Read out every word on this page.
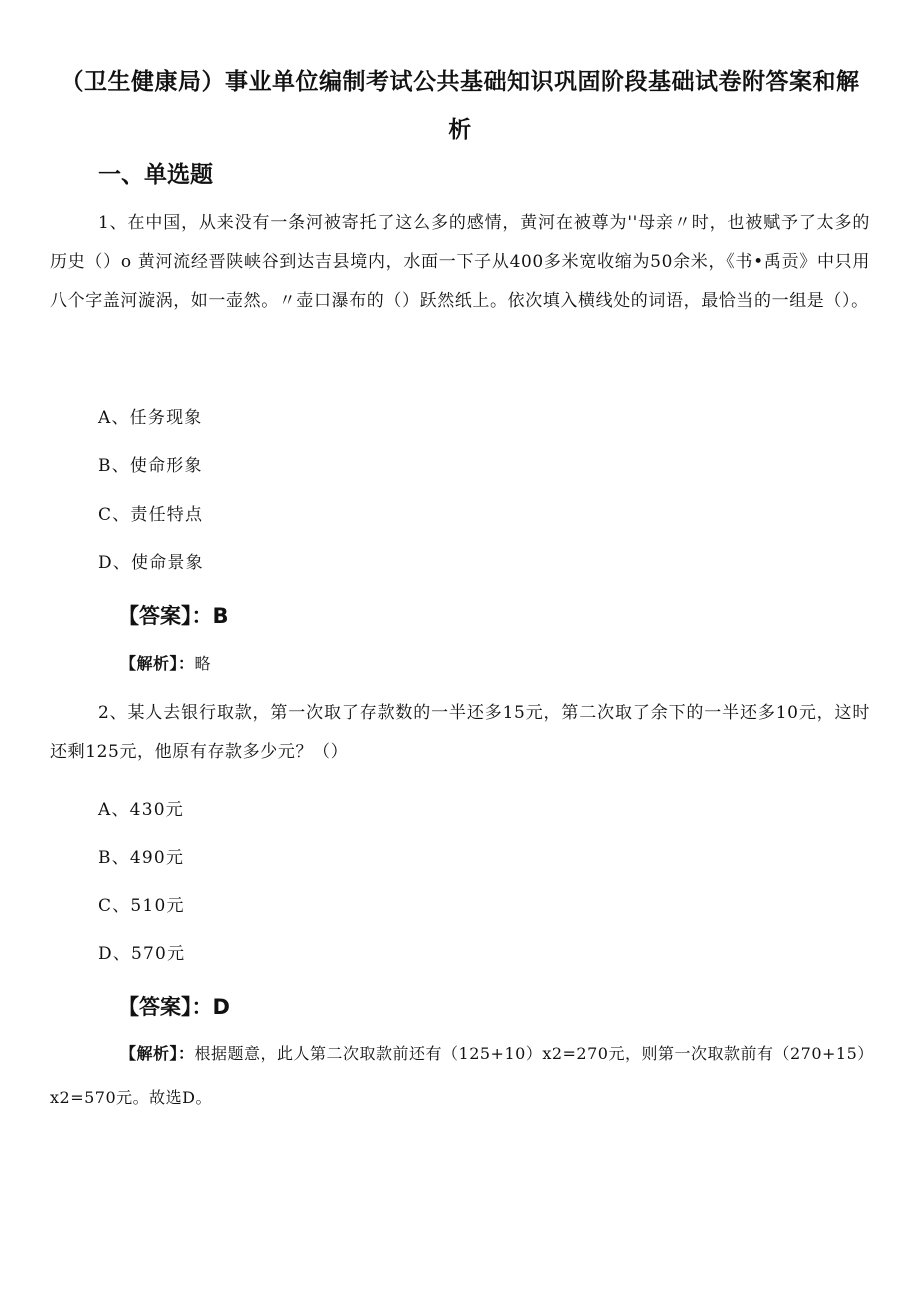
（卫生健康局）事业单位编制考试公共基础知识巩固阶段基础试卷附答案和解析
一、单选题
1、在中国，从来没有一条河被寄托了这么多的感情，黄河在被尊为''母亲〃时，也被赋予了太多的历史（）o 黄河流经晋陕峡谷到达吉县境内，水面一下子从400多米宽收缩为50余米，《书•禹贡》中只用八个字盖河漩涡，如一壶然。〃壶口瀑布的（）跃然纸上。依次填入横线处的词语，最恰当的一组是（）。
A、任务现象
B、使命形象
C、责任特点
D、使命景象
【答案】：B
【解析】：略
2、某人去银行取款，第一次取了存款数的一半还多15元，第二次取了余下的一半还多10元，这时还剩125元，他原有存款多少元？（）
A、430元
B、490元
C、510元
D、570元
【答案】：D
【解析】：根据题意，此人第二次取款前还有（125+10）x2=270元，则第一次取款前有（270+15）x2=570元。故选D。
